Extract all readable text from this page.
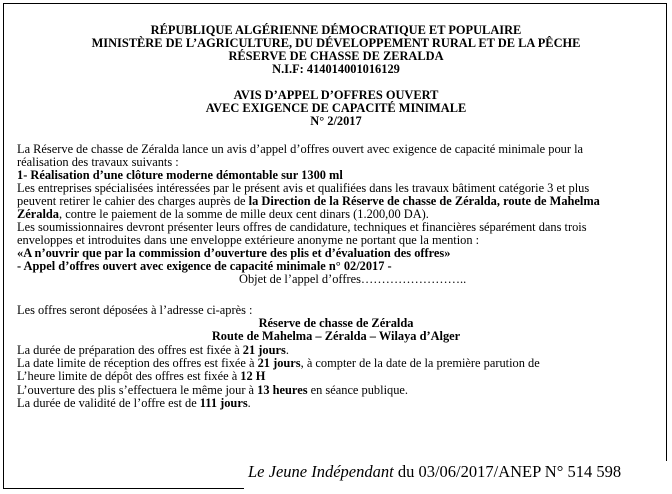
RÉPUBLIQUE ALGÉRIENNE DÉMOCRATIQUE ET POPULAIRE
MINISTÈRE DE L’AGRICULTURE, DU DÉVELOPPEMENT RURAL ET DE LA PÊCHE
RÉSERVE DE CHASSE DE ZERALDA
N.I.F: 414014001016129
AVIS D’APPEL D’OFFRES OUVERT
AVEC EXIGENCE DE CAPACITÉ MINIMALE
N° 2/2017
La Réserve de chasse de Zéralda lance un avis d’appel d’offres ouvert avec exigence de capacité minimale pour la
réalisation des travaux suivants :
1- Réalisation d’une clôture moderne démontable sur 1300 ml
Les entreprises spécialisées intéressées par le présent avis et qualifiées dans les travaux bâtiment catégorie 3 et plus
peuvent retirer le cahier des charges auprès de la Direction de la Réserve de chasse de Zéralda, route de Mahelma
Zéralda, contre le paiement de la somme de mille deux cent dinars (1.200,00 DA).
Les soumissionnaires devront présenter leurs offres de candidature, techniques et financières séparément dans trois
enveloppes et introduites dans une enveloppe extérieure anonyme ne portant que la mention :
«A n’ouvrir que par la commission d’ouverture des plis et d’évaluation des offres»
- Appel d’offres ouvert avec exigence de capacité minimale n° 02/2017 -
Objet de l’appel d’offres……………………..
Les offres seront déposées à l’adresse ci-après :
Réserve de chasse de Zéralda
Route de Mahelma – Zéralda – Wilaya d’Alger
La durée de préparation des offres est fixée à 21 jours.
La date limite de réception des offres est fixée à 21 jours, à compter de la date de la première parution de
L’heure limite de dépôt des offres est fixée à 12 H
L’ouverture des plis s’effectuera le même jour à 13 heures en séance publique.
La durée de validité de l’offre est de 111 jours.
Le Jeune Indépendant du 03/06/2017/ANEP N° 514 598
